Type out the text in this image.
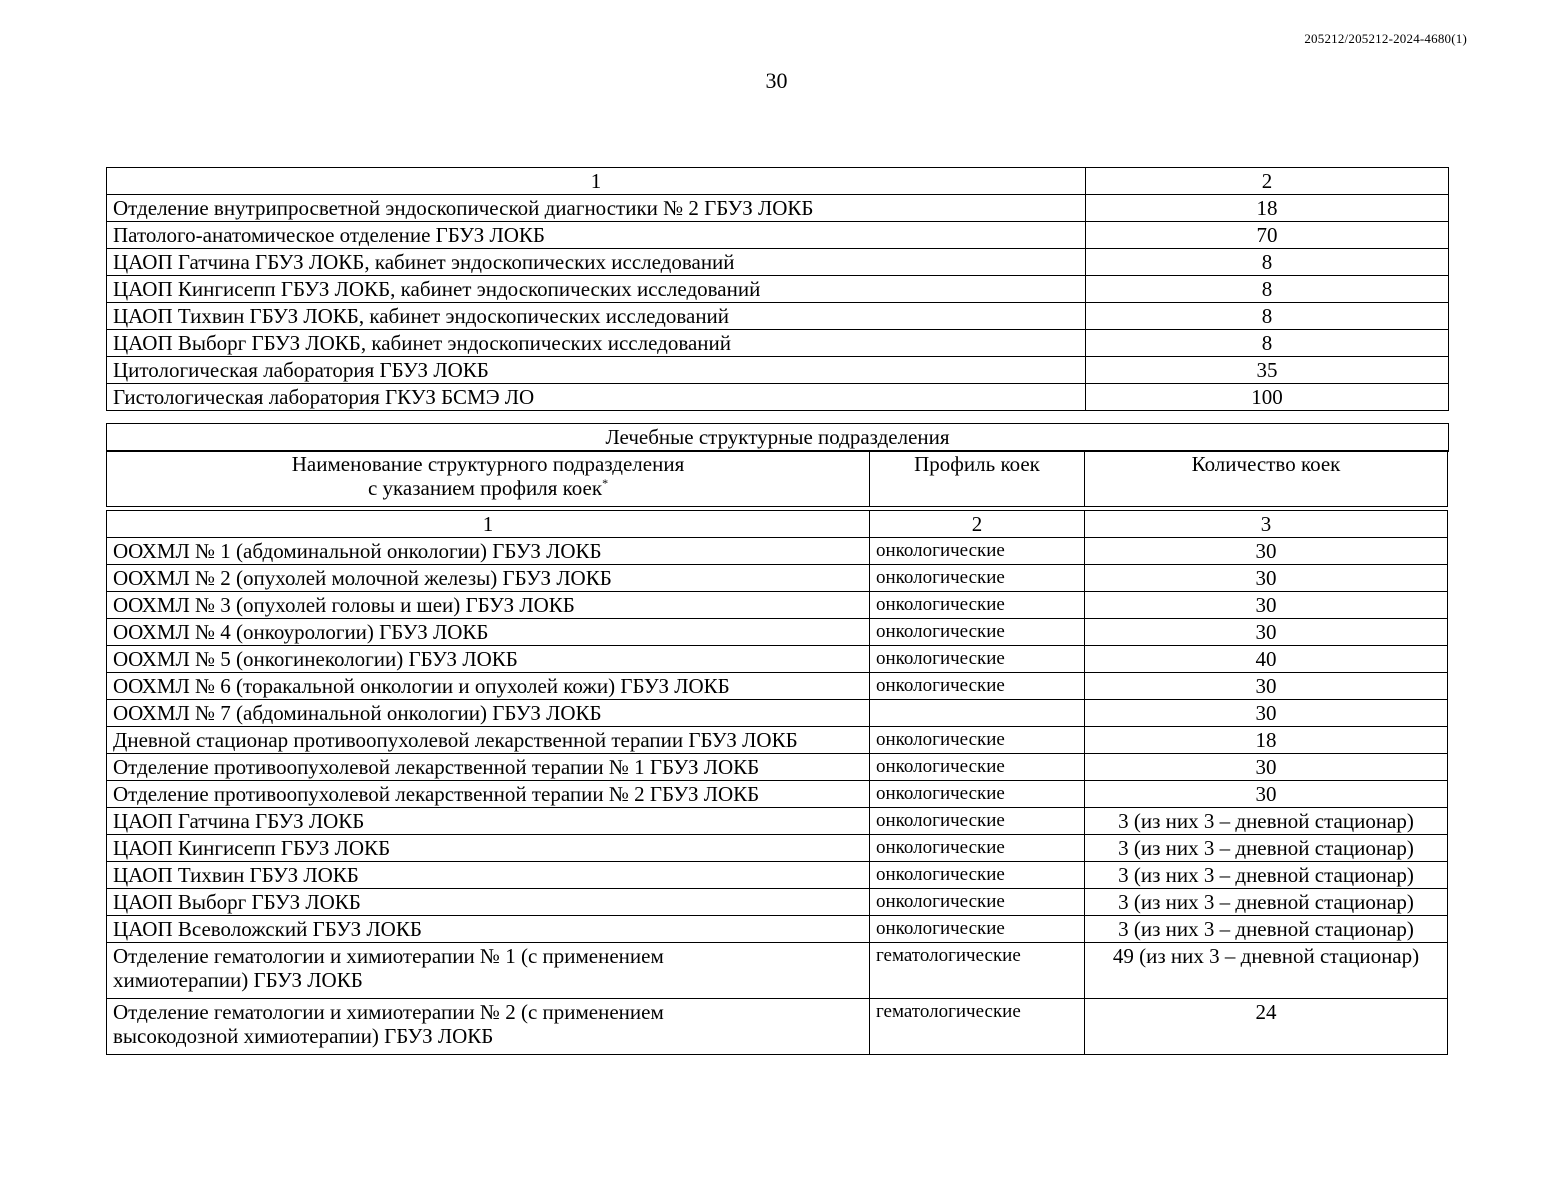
205212/205212-2024-4680(1)
30
1	2
Отделение внутрипросветной эндоскопической диагностики № 2 ГБУЗ ЛОКБ	18
Патолого-анатомическое отделение ГБУЗ ЛОКБ	70
ЦАОП Гатчина ГБУЗ ЛОКБ, кабинет эндоскопических исследований	8
ЦАОП Кингисепп ГБУЗ ЛОКБ, кабинет эндоскопических исследований	8
ЦАОП Тихвин ГБУЗ ЛОКБ, кабинет эндоскопических исследований	8
ЦАОП Выборг ГБУЗ ЛОКБ, кабинет эндоскопических исследований	8
Цитологическая лаборатория ГБУЗ ЛОКБ	35
Гистологическая лаборатория ГКУЗ БСМЭ ЛО	100
Лечебные структурные подразделения
Наименование структурного подразделения
с указанием профиля коек*
	Профиль коек	Количество коек
1	2	3
ООХМЛ № 1 (абдоминальной онкологии) ГБУЗ ЛОКБ	онкологические	30
ООХМЛ № 2 (опухолей молочной железы) ГБУЗ ЛОКБ	онкологические	30
ООХМЛ № 3 (опухолей головы и шеи) ГБУЗ ЛОКБ	онкологические	30
ООХМЛ № 4 (онкоурологии) ГБУЗ ЛОКБ	онкологические	30
ООХМЛ № 5 (онкогинекологии) ГБУЗ ЛОКБ	онкологические	40
ООХМЛ № 6 (торакальной онкологии и опухолей кожи) ГБУЗ ЛОКБ	онкологические	30
ООХМЛ № 7 (абдоминальной онкологии) ГБУЗ ЛОКБ		30
Дневной стационар противоопухолевой лекарственной терапии ГБУЗ ЛОКБ	онкологические	18
Отделение противоопухолевой лекарственной терапии № 1 ГБУЗ ЛОКБ	онкологические	30
Отделение противоопухолевой лекарственной терапии № 2 ГБУЗ ЛОКБ	онкологические	30
ЦАОП Гатчина ГБУЗ ЛОКБ	онкологические	3 (из них 3 – дневной стационар)
ЦАОП Кингисепп ГБУЗ ЛОКБ	онкологические	3 (из них 3 – дневной стационар)
ЦАОП Тихвин ГБУЗ ЛОКБ	онкологические	3 (из них 3 – дневной стационар)
ЦАОП Выборг ГБУЗ ЛОКБ	онкологические	3 (из них 3 – дневной стационар)
ЦАОП Всеволожский ГБУЗ ЛОКБ	онкологические	3 (из них 3 – дневной стационар)

Отделение гематологии и химиотерапии № 1 (с применением
химиотерапии) ГБУЗ ЛОКБ	гематологические	49 (из них 3 – дневной стационар)

Отделение гематологии и химиотерапии № 2 (с применением
высокодозной химиотерапии) ГБУЗ ЛОКБ	гематологические	24
